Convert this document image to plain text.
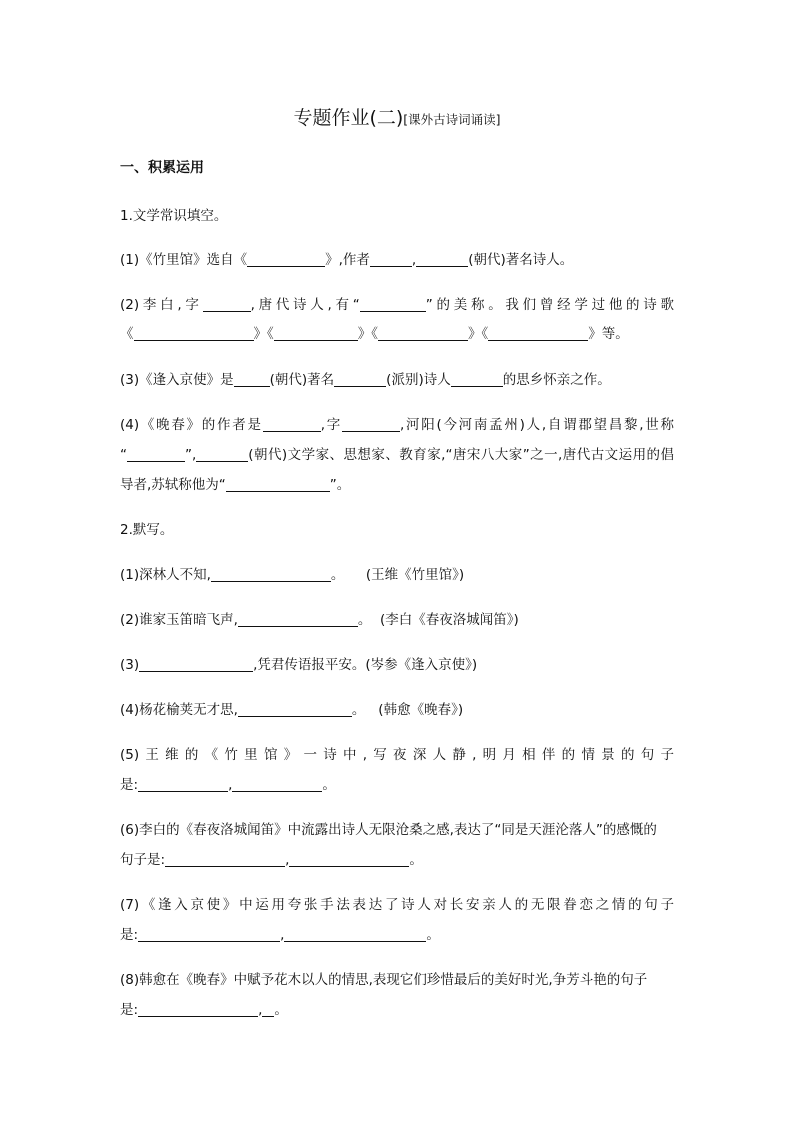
专题作业(二)[课外古诗词诵读]
一、积累运用
1.文学常识填空。
(1)《竹里馆》选自《	》,作者	,	(朝代)著名诗人。
(2)李白,字	,唐代诗人,有“	”的美称。我们曾经学过他的诗歌
《	》《	》《	》《	》等。
(3)《逢入京使》是	(朝代)著名	(派别)诗人	的思乡怀亲之作。
(4)《晚春》的作者是	,字	,河阳(今河南孟州)人,自谓郡望昌黎,世称
“	”,	(朝代)文学家、思想家、教育家,“唐宋八大家”之一,唐代古文运用的倡
导者,苏轼称他为“	”。
2.默写。
(1)深林人不知,	。 (王维《竹里馆》)
(2)谁家玉笛暗飞声,	。 (李白《春夜洛城闻笛》)
(3)	,凭君传语报平安。(岑参《逢入京使》)
(4)杨花榆荚无才思,	。 (韩愈《晚春》)
(5)王维的《竹里馆》一诗中,写夜深人静,明月相伴的情景的句子
是:	,	。
(6)李白的《春夜洛城闻笛》中流露出诗人无限沧桑之感,表达了“同是天涯沦落人”的感慨的
句子是:	,	。
(7)《逢入京使》中运用夸张手法表达了诗人对长安亲人的无限眷恋之情的句子
是:	,	。
(8)韩愈在《晚春》中赋予花木以人的情思,表现它们珍惜最后的美好时光,争芳斗艳的句子
是:	, 。
